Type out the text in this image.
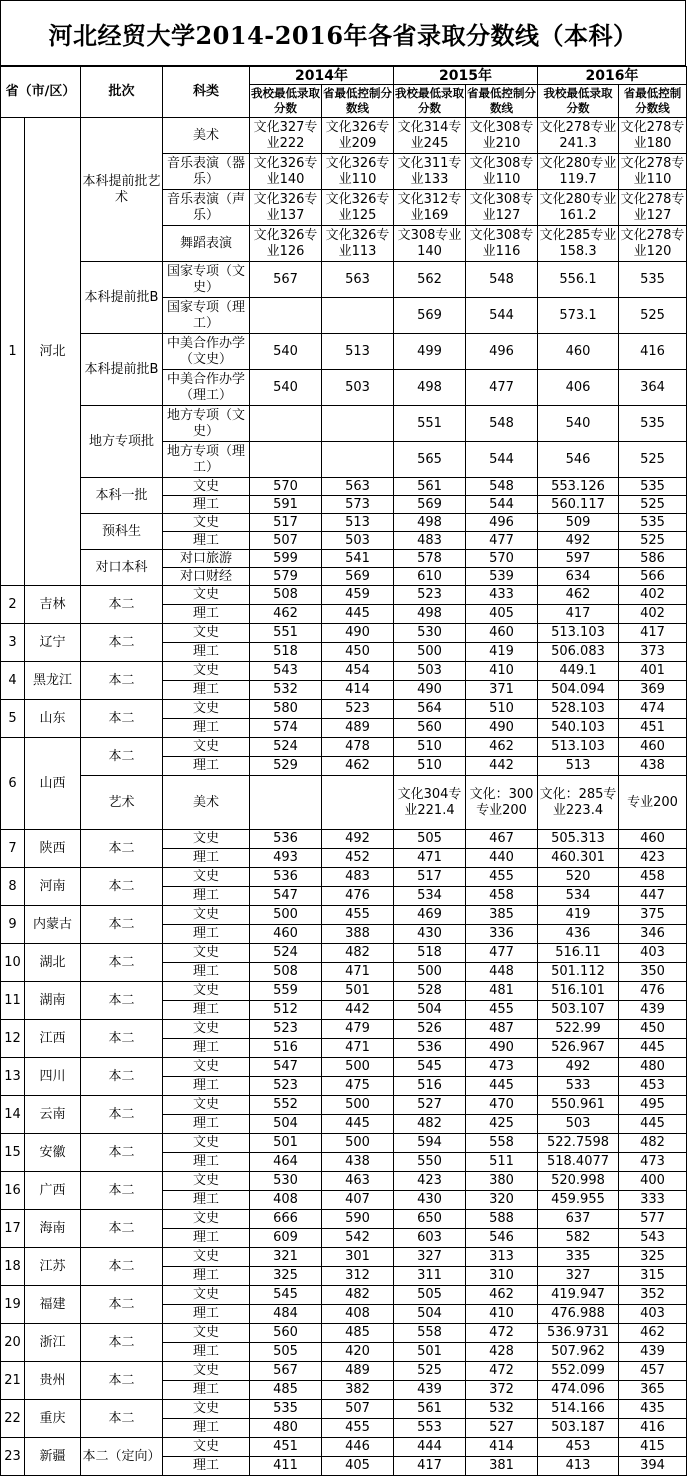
河北经贸大学2014-2016年各省录取分数线（本科）
省（市/区）		批次	科类	2014年		2015年		2016年	
				我校最低录取分数	省最低控制分数线	我校最低录取分数	省最低控制分数线	我校最低录取分数	省最低控制分数线
1	河北	本科提前批艺术	美术	文化327专业222	文化326专业209	文化314专业245	文化308专业210	文化278专业241.3	文化278专业180
			音乐表演（器乐）	文化326专业140	文化326专业110	文化311专业133	文化308专业110	文化280专业119.7	文化278专业110
			音乐表演（声乐）	文化326专业137	文化326专业125	文化312专业169	文化308专业127	文化280专业161.2	文化278专业127
			舞蹈表演	文化326专业126	文化326专业113	文308专业140	文化308专业116	文化285专业158.3	文化278专业120
		本科提前批B	国家专项（文史）	567	563	562	548	556.1	535
			国家专项（理工）			569	544	573.1	525
		本科提前批B	中美合作办学（文史）	540	513	499	496	460	416
			中美合作办学（理工）	540	503	498	477	406	364
		地方专项批	地方专项（文史）			551	548	540	535
			地方专项（理工）			565	544	546	525
		本科一批	文史	570	563	561	548	553.126	535
			理工	591	573	569	544	560.117	525
		预科生	文史	517	513	498	496	509	535
			理工	507	503	483	477	492	525
		对口本科	对口旅游	599	541	578	570	597	586
			对口财经	579	569	610	539	634	566
2	吉林	本二	文史	508	459	523	433	462	402
			理工	462	445	498	405	417	402
3	辽宁	本二	文史	551	490	530	460	513.103	417
			理工	518	450	500	419	506.083	373
4	黑龙江	本二	文史	543	454	503	410	449.1	401
			理工	532	414	490	371	504.094	369
5	山东	本二	文史	580	523	564	510	528.103	474
			理工	574	489	560	490	540.103	451
6	山西	本二	文史	524	478	510	462	513.103	460
			理工	529	462	510	442	513	438
		艺术	美术			文化304专业221.4	文化：300专业200	文化：285专业223.4	专业200
7	陕西	本二	文史	536	492	505	467	505.313	460
			理工	493	452	471	440	460.301	423
8	河南	本二	文史	536	483	517	455	520	458
			理工	547	476	534	458	534	447
9	内蒙古	本二	文史	500	455	469	385	419	375
			理工	460	388	430	336	436	346
10	湖北	本二	文史	524	482	518	477	516.11	403
			理工	508	471	500	448	501.112	350
11	湖南	本二	文史	559	501	528	481	516.101	476
			理工	512	442	504	455	503.107	439
12	江西	本二	文史	523	479	526	487	522.99	450
			理工	516	471	536	490	526.967	445
13	四川	本二	文史	547	500	545	473	492	480
			理工	523	475	516	445	533	453
14	云南	本二	文史	552	500	527	470	550.961	495
			理工	504	445	482	425	503	445
15	安徽	本二	文史	501	500	594	558	522.7598	482
			理工	464	438	550	511	518.4077	473
16	广西	本二	文史	530	463	423	380	520.998	400
			理工	408	407	430	320	459.955	333
17	海南	本二	文史	666	590	650	588	637	577
			理工	609	542	603	546	582	543
18	江苏	本二	文史	321	301	327	313	335	325
			理工	325	312	311	310	327	315
19	福建	本二	文史	545	482	505	462	419.947	352
			理工	484	408	504	410	476.988	403
20	浙江	本二	文史	560	485	558	472	536.9731	462
			理工	505	420	501	428	507.962	439
21	贵州	本二	文史	567	489	525	472	552.099	457
			理工	485	382	439	372	474.096	365
22	重庆	本二	文史	535	507	561	532	514.166	435
			理工	480	455	553	527	503.187	416
23	新疆	本二（定向）	文史	451	446	444	414	453	415
			理工	411	405	417	381	413	394
